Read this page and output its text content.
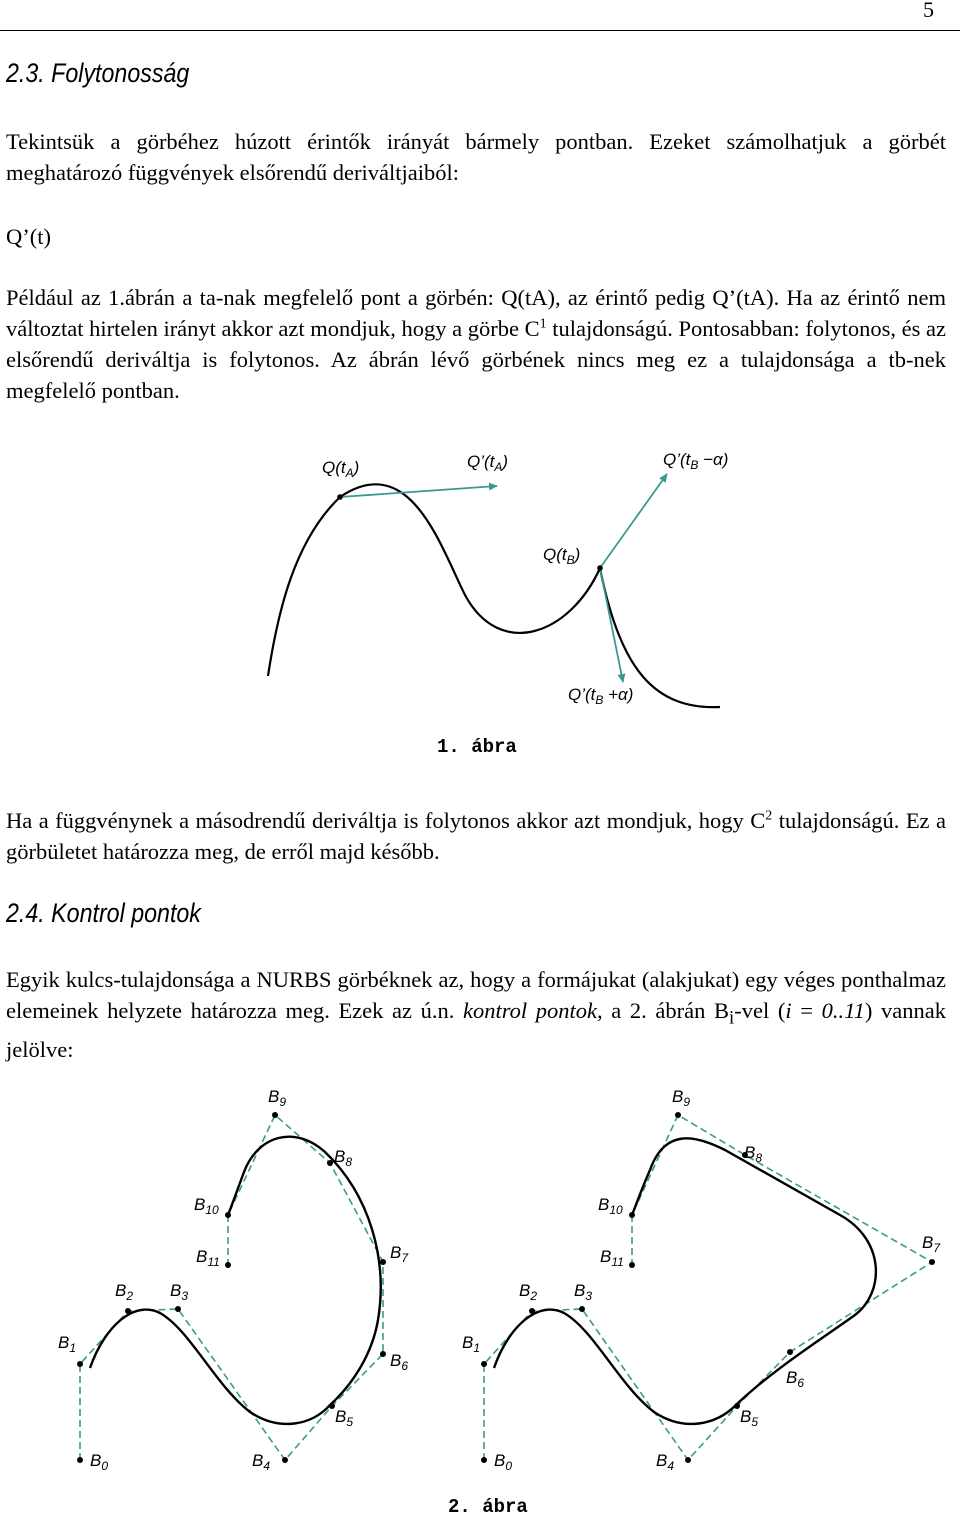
5
2.3. Folytonosság
Tekintsük a görbéhez húzott érintők irányát bármely pontban. Ezeket számolhatjuk a görbét meghatározó függvények elsőrendű deriváltjaiból:
Q’(t)
Például az 1.ábrán a ta-nak megfelelő pont a görbén: Q(tA), az érintő pedig Q’(tA). Ha az érintő nem változtat hirtelen irányt akkor azt mondjuk, hogy a görbe $C^1$ tulajdonságú. Pontosabban: folytonos, és az elsőrendű deriváltja is folytonos. Az ábrán lévő görbének nincs meg ez a tulajdonsága a tb-nek megfelelő pontban.
$Q(t_A)$	$Q’(t_A)$	$Q’(t_B -\alpha)$
$Q(t_B)$
$Q’(t_B +\alpha)$
1. ábra
Ha a függvénynek a másodrendű deriváltja is folytonos akkor azt mondjuk, hogy $C^2$ tulajdonságú. Ez a görbületet határozza meg, de erről majd később.
2.4. Kontrol pontok
Egyik kulcs-tulajdonsága a NURBS görbéknek az, hogy a formájukat (alakjukat) egy véges ponthalmaz elemeinek helyzete határozza meg. Ezek az ú.n. kontrol pontok, a 2. ábrán $B_i$-vel (i = 0..11) vannak jelölve:
$B_0$
$B_1$
$B_2$ $B_3$
$B_4$
$B_5$
$B_6$
$B_7$
$B_8$
$B_9$
$B_{10}$
$B_{11}$
$B_0$
$B_1$
$B_2$ $B_3$
$B_4$
$B_5$
$B_6$
$B_7$
$B_8$
$B_9$
$B_{10}$
$B_{11}$
2. ábra
